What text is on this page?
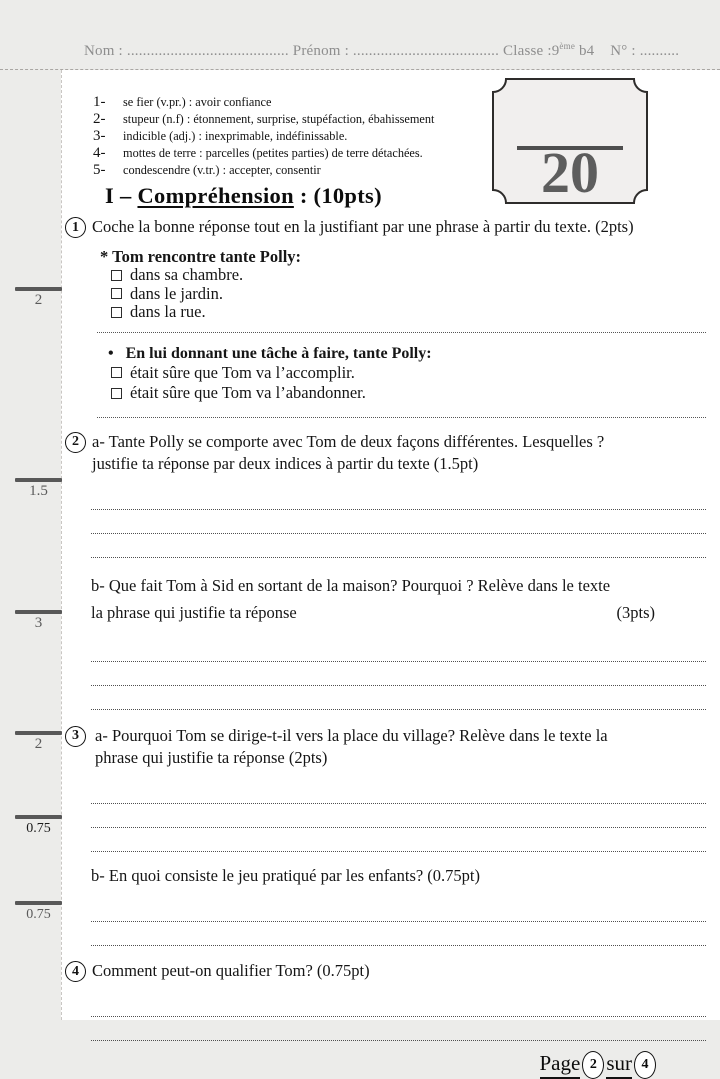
Nom : ......................................... Prénom : ..................................... Classe :9ème b4 N° : ..........
2
1.5
3
2
0.75
0.75
20
1-	se fier (v.pr.) : avoir confiance
2-	stupeur (n.f) : étonnement, surprise, stupéfaction, ébahissement
3-	indicible (adj.) : inexprimable, indéfinissable.
4-	mottes de terre : parcelles (petites parties) de terre détachées.
5-	condescendre (v.tr.) : accepter, consentir
I – Compréhension : (10pts)
1 Coche la bonne réponse tout en la justifiant par une phrase à partir du texte. (2pts)
* Tom rencontre tante Polly:
dans sa chambre.
dans le jardin.
dans la rue.
• En lui donnant une tâche à faire, tante Polly:
était sûre que Tom va l’accomplir.
était sûre que Tom va l’abandonner.
2 a- Tante Polly se comporte avec Tom de deux façons différentes. Lesquelles ?
justifie ta réponse par deux indices à partir du texte (1.5pt)
b- Que fait Tom à Sid en sortant de la maison? Pourquoi ? Relève dans le texte
la phrase qui justifie ta réponse	(3pts)
3 a- Pourquoi Tom se dirige-t-il vers la place du village? Relève dans le texte la
phrase qui justifie ta réponse (2pts)
b- En quoi consiste le jeu pratiqué par les enfants? (0.75pt)
4 Comment peut-on qualifier Tom? (0.75pt)
Page 2 sur 4
